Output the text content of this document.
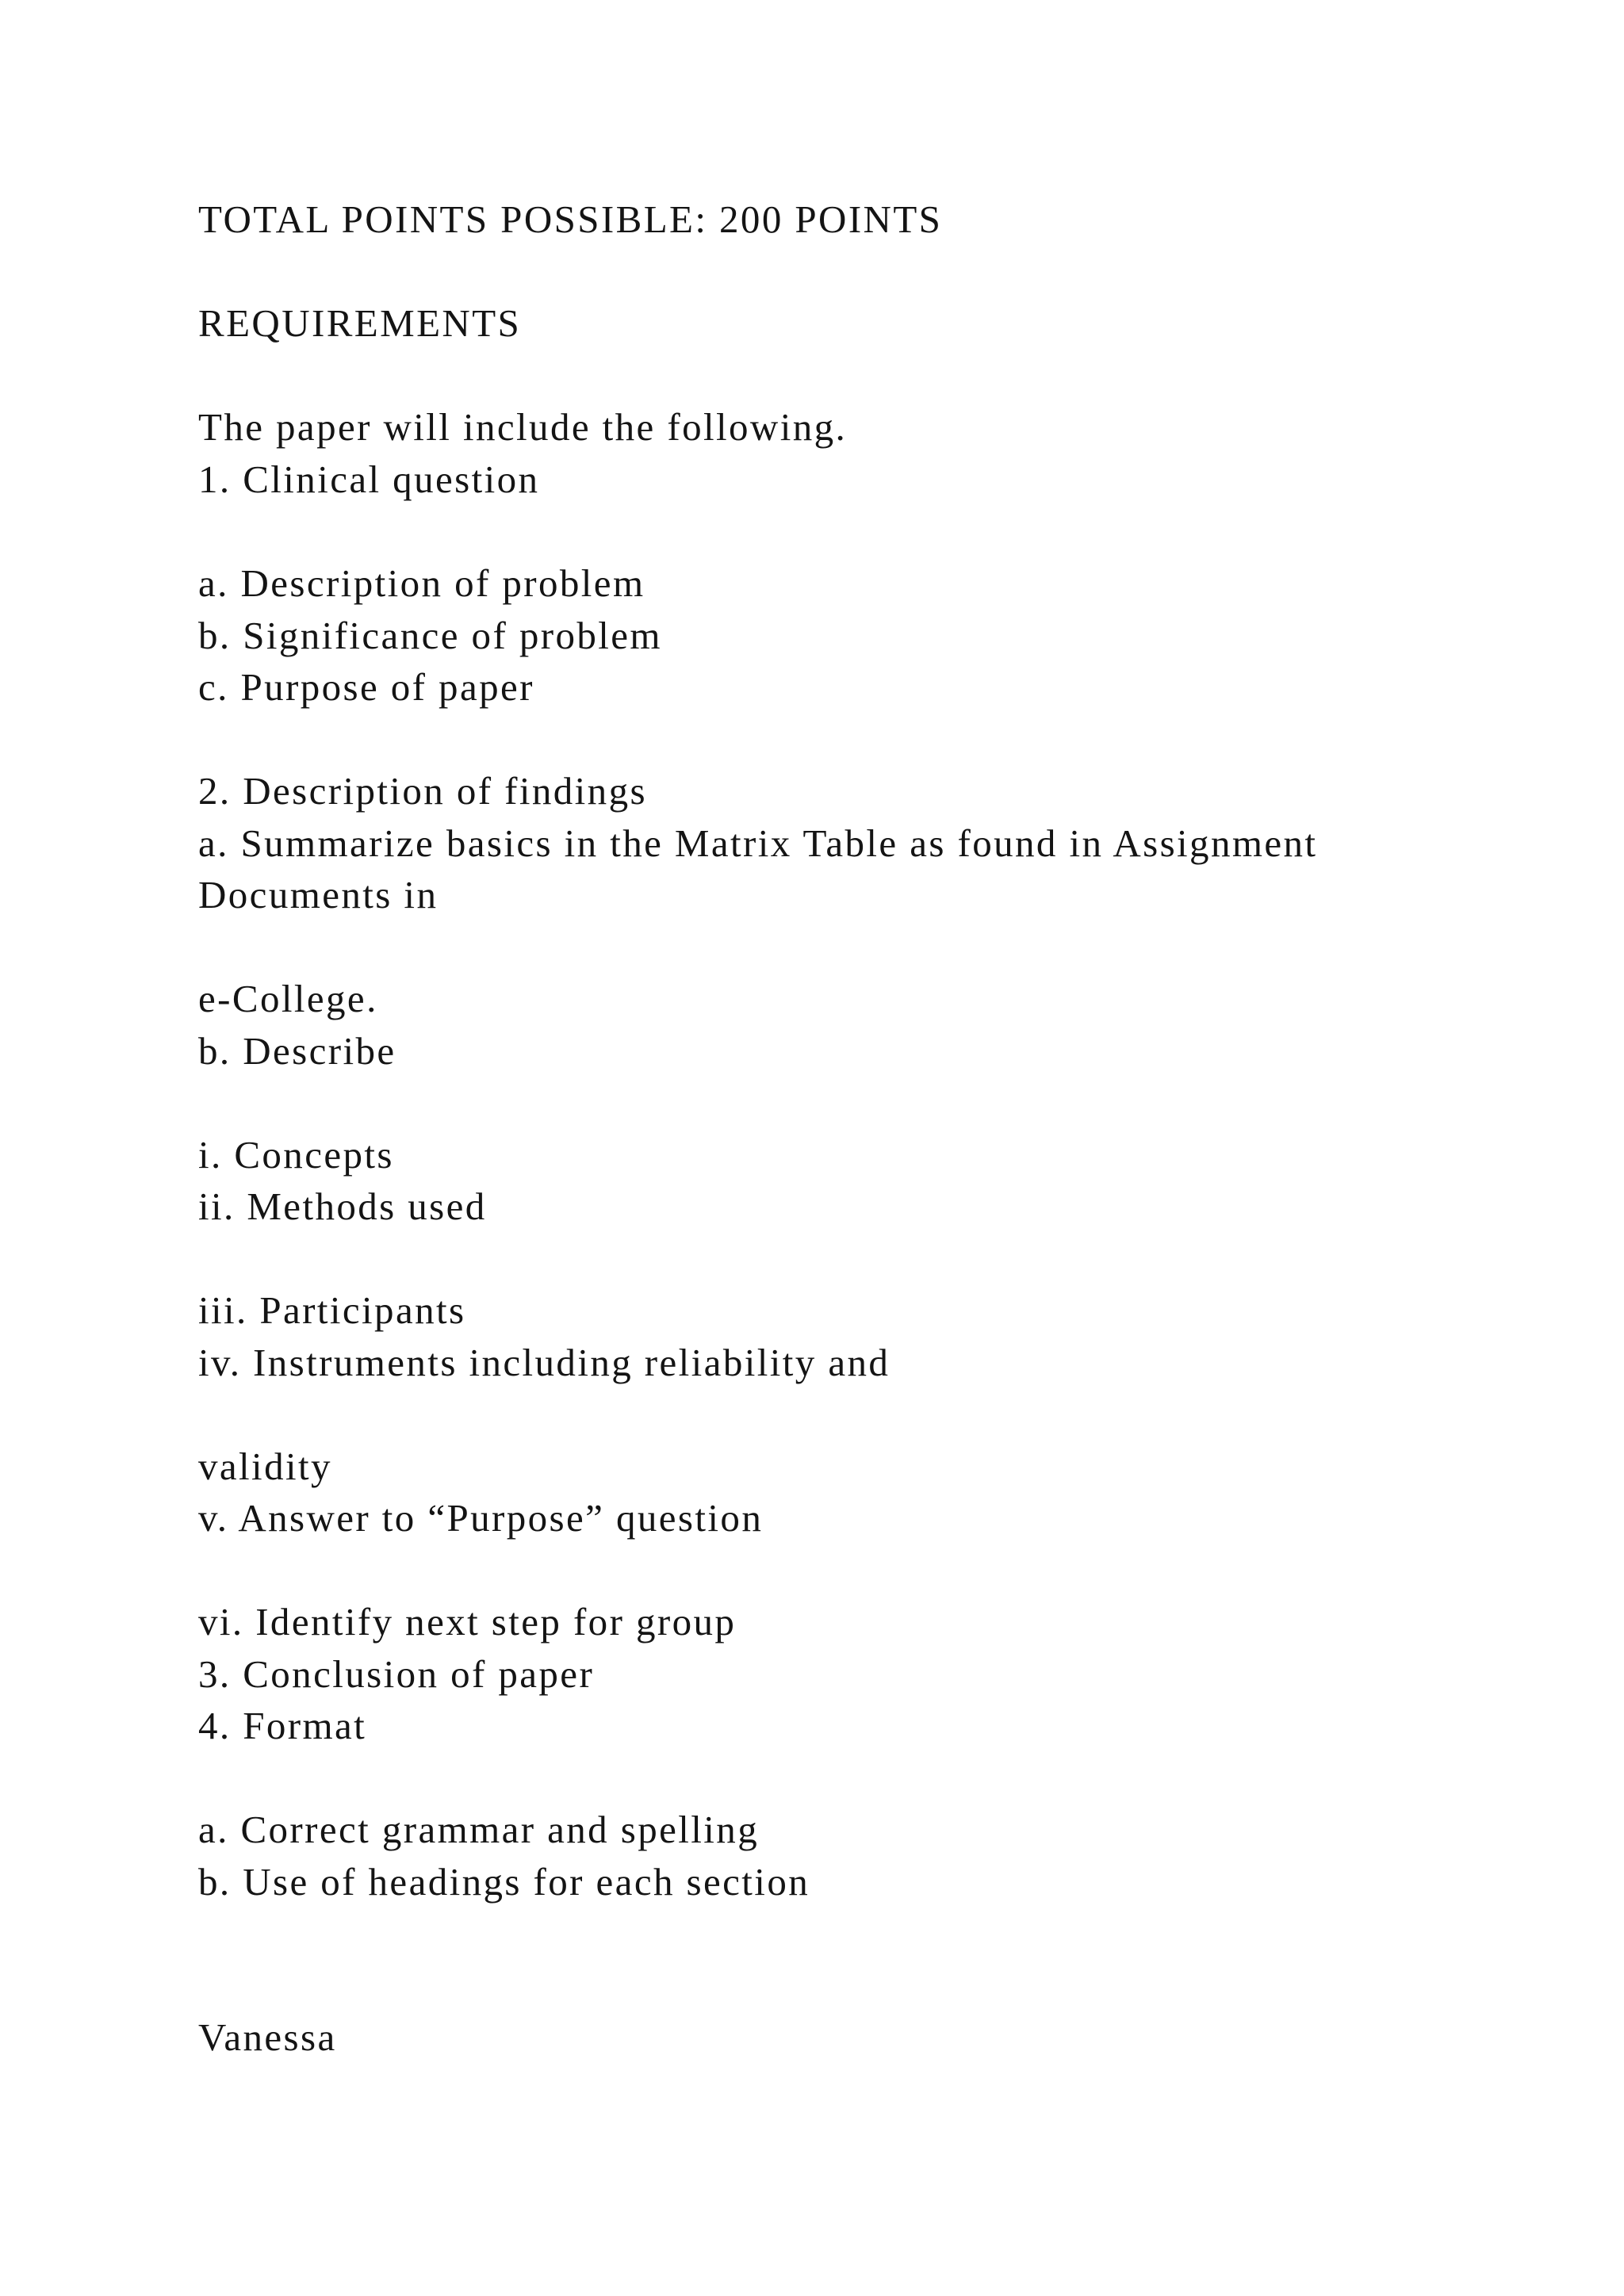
TOTAL POINTS POSSIBLE: 200 POINTS

REQUIREMENTS

The paper will include the following.

1. Clinical question

a. Description of problem

b. Significance of problem

c. Purpose of paper

2. Description of findings

a. Summarize basics in the Matrix Table as found in Assignment

Documents in

e-College.

b. Describe

i. Concepts

ii. Methods used

iii. Participants

iv. Instruments including reliability and

validity

v. Answer to “Purpose” question

vi. Identify next step for group

3. Conclusion of paper

4. Format

a. Correct grammar and spelling

b. Use of headings for each section

Vanessa
